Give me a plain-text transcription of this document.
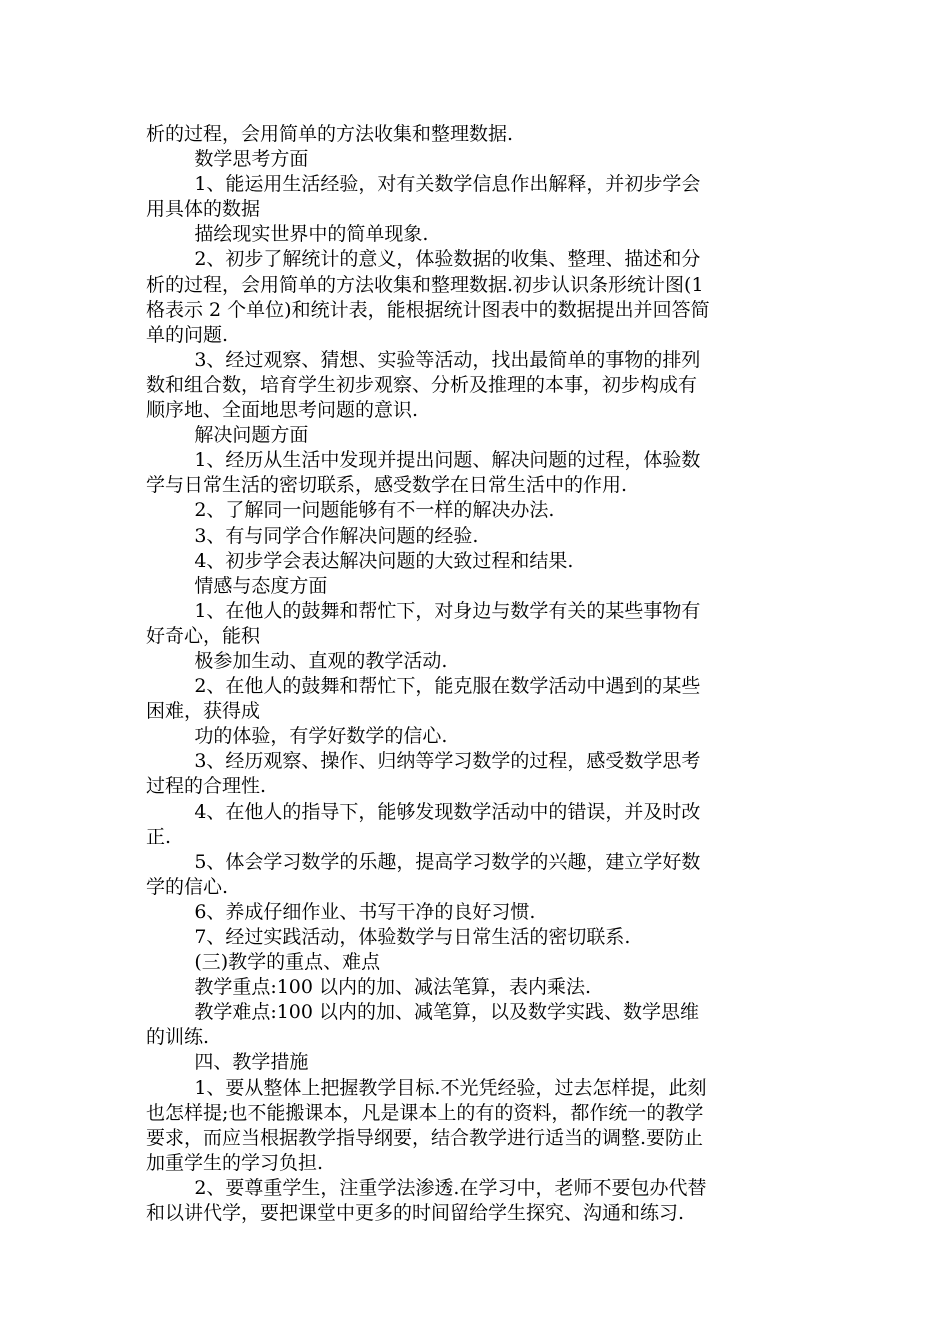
析的过程，会用简单的方法收集和整理数据.
数学思考方面
1、能运用生活经验，对有关数学信息作出解释，并初步学会
用具体的数据
描绘现实世界中的简单现象.
2、初步了解统计的意义，体验数据的收集、整理、描述和分
析的过程，会用简单的方法收集和整理数据.初步认识条形统计图(1
格表示 2 个单位)和统计表，能根据统计图表中的数据提出并回答简
单的问题.
3、经过观察、猜想、实验等活动，找出最简单的事物的排列
数和组合数，培育学生初步观察、分析及推理的本事，初步构成有
顺序地、全面地思考问题的意识.
解决问题方面
1、经历从生活中发现并提出问题、解决问题的过程，体验数
学与日常生活的密切联系，感受数学在日常生活中的作用.
2、了解同一问题能够有不一样的解决办法.
3、有与同学合作解决问题的经验.
4、初步学会表达解决问题的大致过程和结果.
情感与态度方面
1、在他人的鼓舞和帮忙下，对身边与数学有关的某些事物有
好奇心，能积
极参加生动、直观的教学活动.
2、在他人的鼓舞和帮忙下，能克服在数学活动中遇到的某些
困难，获得成
功的体验，有学好数学的信心.
3、经历观察、操作、归纳等学习数学的过程，感受数学思考
过程的合理性.
4、在他人的指导下，能够发现数学活动中的错误，并及时改
正.
5、体会学习数学的乐趣，提高学习数学的兴趣，建立学好数
学的信心.
6、养成仔细作业、书写干净的良好习惯.
7、经过实践活动，体验数学与日常生活的密切联系.
(三)教学的重点、难点
教学重点:100 以内的加、减法笔算，表内乘法.
教学难点:100 以内的加、减笔算，以及数学实践、数学思维
的训练.
四、教学措施
1、要从整体上把握教学目标.不光凭经验，过去怎样提，此刻
也怎样提;也不能搬课本，凡是课本上的有的资料，都作统一的教学
要求，而应当根据教学指导纲要，结合教学进行适当的调整.要防止
加重学生的学习负担.
2、要尊重学生，注重学法渗透.在学习中，老师不要包办代替
和以讲代学，要把课堂中更多的时间留给学生探究、沟通和练习.
